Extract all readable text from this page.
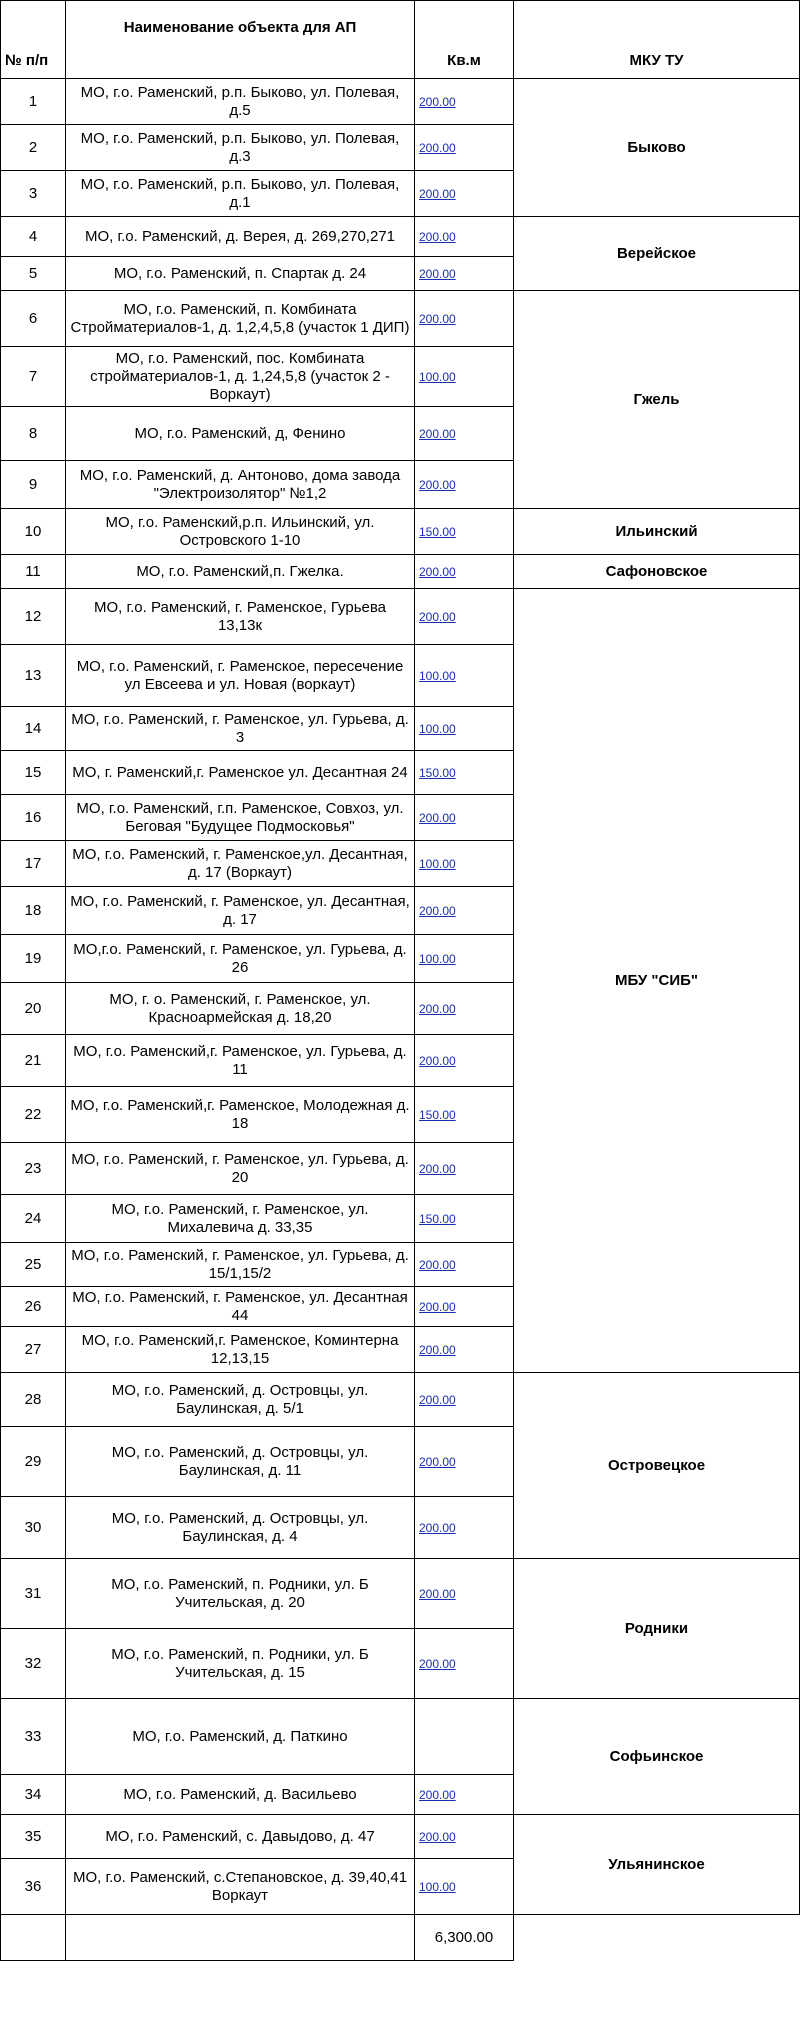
№ п/п	Наименование объекта для АП	Кв.м	МКУ ТУ
1	МО, г.о. Раменский, р.п. Быково, ул. Полевая, д.5	200.00	Быково
2	МО, г.о. Раменский, р.п. Быково, ул. Полевая, д.3	200.00	
3	МО, г.о. Раменский, р.п. Быково, ул. Полевая, д.1	200.00	
4	МО, г.о. Раменский, д. Верея, д. 269,270,271	200.00	Верейское
5	МО, г.о. Раменский, п. Спартак д. 24	200.00	
6	МО, г.о. Раменский, п. Комбината Стройматериалов-1, д. 1,2,4,5,8 (участок 1 ДИП)	200.00	Гжель
7	МО, г.о. Раменский, пос. Комбината стройматериалов-1, д. 1,24,5,8 (участок 2 - Воркаут)	100.00	
8	МО, г.о. Раменский, д, Фенино	200.00	
9	МО, г.о. Раменский, д. Антоново, дома завода "Электроизолятор" №1,2	200.00	
10	МО, г.о. Раменский,р.п. Ильинский, ул. Островского 1-10	150.00	Ильинский
11	МО, г.о. Раменский,п. Гжелка.	200.00	Сафоновское
12	МО, г.о. Раменский, г. Раменское, Гурьева 13,13к	200.00	МБУ "СИБ"
13	МО, г.о. Раменский, г. Раменское, пересечение ул Евсеева и ул. Новая (воркаут)	100.00	
14	МО, г.о. Раменский, г. Раменское, ул. Гурьева, д. 3	100.00	
15	МО, г. Раменский,г. Раменское ул. Десантная 24	150.00	
16	МО, г.о. Раменский, г.п. Раменское, Совхоз, ул. Беговая "Будущее Подмосковья"	200.00	
17	МО, г.о. Раменский, г. Раменское,ул. Десантная, д. 17 (Воркаут)	100.00	
18	МО, г.о. Раменский, г. Раменское, ул. Десантная, д. 17	200.00	
19	МО,г.о. Раменский, г. Раменское, ул. Гурьева, д. 26	100.00	
20	МО, г. о. Раменский, г. Раменское, ул. Красноармейская д. 18,20	200.00	
21	МО, г.о. Раменский,г. Раменское, ул. Гурьева, д. 11	200.00	
22	МО, г.о. Раменский,г. Раменское, Молодежная д. 18	150.00	
23	МО, г.о. Раменский, г. Раменское, ул. Гурьева, д. 20	200.00	
24	МО, г.о. Раменский, г. Раменское, ул. Михалевича д. 33,35	150.00	
25	МО, г.о. Раменский, г. Раменское, ул. Гурьева, д. 15/1,15/2	200.00	
26	МО, г.о. Раменский, г. Раменское, ул. Десантная 44	200.00	
27	МО, г.о. Раменский,г. Раменское, Коминтерна 12,13,15	200.00	
28	МО, г.о. Раменский, д. Островцы, ул. Баулинская, д. 5/1	200.00	Островецкое
29	МО, г.о. Раменский, д. Островцы, ул. Баулинская, д. 11	200.00	
30	МО, г.о. Раменский, д. Островцы, ул. Баулинская, д. 4	200.00	
31	МО, г.о. Раменский, п. Родники, ул. Б Учительская, д. 20	200.00	Родники
32	МО, г.о. Раменский, п. Родники, ул. Б Учительская, д. 15	200.00	
33	МО, г.о. Раменский, д. Паткино		Софьинское
34	МО, г.о. Раменский, д. Васильево	200.00	
35	МО, г.о. Раменский, с. Давыдово, д. 47	200.00	Ульянинское
36	МО, г.о. Раменский, с.Степановское, д. 39,40,41 Воркаут	100.00	
		6,300.00	
